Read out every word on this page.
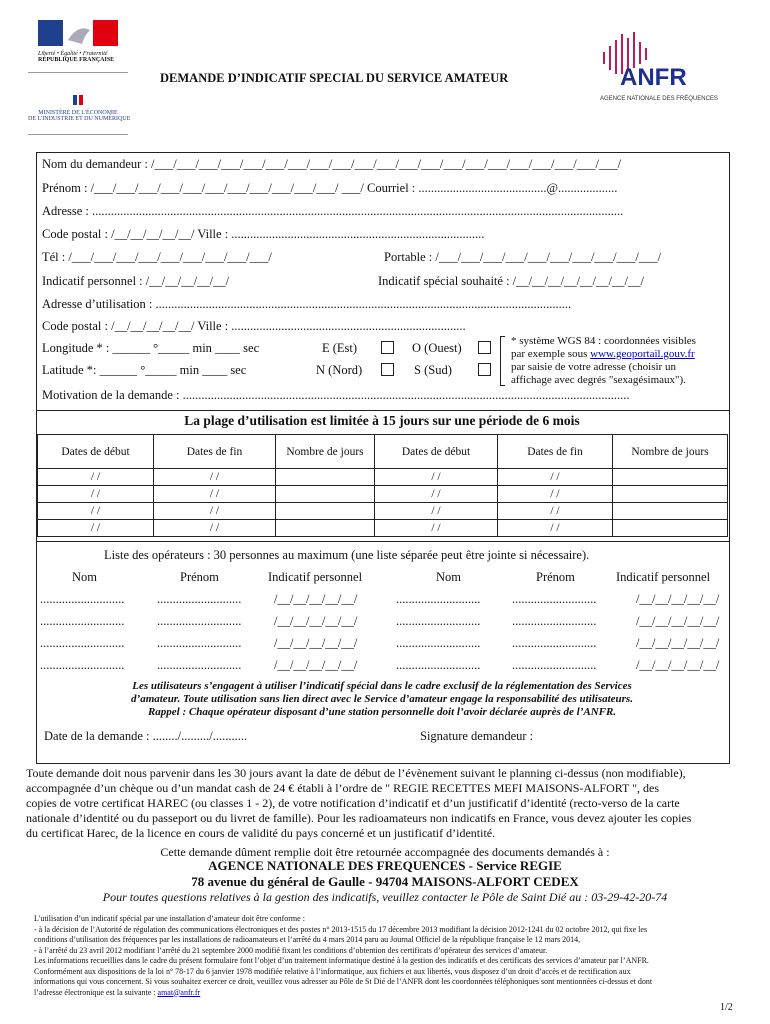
Liberté • Égalité • Fraternité
RÉPUBLIQUE FRANÇAISE
MINISTÈRE DE L'ÉCONOMIE
DE L'INDUSTRIE ET DU NUMÉRIQUE
DEMANDE D’INDICATIF SPECIAL DU SERVICE AMATEUR	ANFR
AGENCE NATIONALE DES FRÉQUENCES
Nom du demandeur : /___/___/___/___/___/___/___/___/___/___/___/___/___/___/___/___/___/___/___/___/___/
Prénom : /___/___/___/___/___/___/___/___/___/___/___/ ___/ Courriel : .........................................@...................
Adresse : ..........................................................................................................................................................................
Code postal : /__/__/__/__/__/ Ville : .................................................................................
Tél : /___/___/___/___/___/___/___/___/___/	Portable : /___/___/___/___/___/___/___/___/___/___/
Indicatif personnel : /__/__/__/__/__/	Indicatif spécial souhaité : /__/__/__/__/__/__/__/__/
Adresse d’utilisation : .....................................................................................................................................
Code postal : /__/__/__/__/__/ Ville : ...........................................................................
Longitude * : ______ °_____ min ____ sec
Latitude *: ______ °_____ min ____ sec
E (Est)	O (Ouest)
N (Nord)	S (Sud)
* système WGS 84 : coordonnées visibles
par exemple sous www.geoportail.gouv.fr
par saisie de votre adresse (choisir un
affichage avec degrés "sexagésimaux").
Motivation de la demande : ...............................................................................................................................................
La plage d’utilisation est limitée à 15 jours sur une période de 6 mois
Dates de début	Dates de fin	Nombre de jours	Dates de début	Dates de fin	Nombre de jours
/ /	/ /		/ /	/ /	
/ /	/ /		/ /	/ /	
/ /	/ /		/ /	/ /	
/ /	/ /		/ /	/ /	
Liste des opérateurs : 30 personnes au maximum (une liste séparée peut être jointe si nécessaire).
Nom	Prénom	Indicatif personnel	Nom	Prénom	Indicatif personnel
...........................	...........................	/__/__/__/__/__/	...........................	...........................	/__/__/__/__/__/
...........................	...........................	/__/__/__/__/__/	...........................	...........................	/__/__/__/__/__/
...........................	...........................	/__/__/__/__/__/	...........................	...........................	/__/__/__/__/__/
...........................	...........................	/__/__/__/__/__/	...........................	...........................	/__/__/__/__/__/
Les utilisateurs s’engagent à utiliser l’indicatif spécial dans le cadre exclusif de la réglementation des Services
d’amateur. Toute utilisation sans lien direct avec le Service d’amateur engage la responsabilité des utilisateurs.
Rappel : Chaque opérateur disposant d’une station personnelle doit l’avoir déclarée auprès de l’ANFR.
Date de la demande : ......../........./...........	Signature demandeur :
Toute demande doit nous parvenir dans les 30 jours avant la date de début de l’évènement suivant le planning ci-dessus (non modifiable),
accompagnée d’un chèque ou d’un mandat cash de 24 € établi à l’ordre de " REGIE RECETTES MEFI MAISONS-ALFORT ", des
copies de votre certificat HAREC (ou classes 1 - 2), de votre notification d’indicatif et d’un justificatif d’identité (recto-verso de la carte
nationale d’identité ou du passeport ou du livret de famille). Pour les radioamateurs non indicatifs en France, vous devez ajouter les copies
du certificat Harec, de la licence en cours de validité du pays concerné et un justificatif d’identité.
Cette demande dûment remplie doit être retournée accompagnée des documents demandés à :
AGENCE NATIONALE DES FREQUENCES - Service REGIE
78 avenue du général de Gaulle - 94704 MAISONS-ALFORT CEDEX
Pour toutes questions relatives à la gestion des indicatifs, veuillez contacter le Pôle de Saint Dié au : 03-29-42-20-74
L'utilisation d’un indicatif spécial par une installation d’amateur doit être conforme :
- à la décision de l’Autorité de régulation des communications électroniques et des postes n° 2013-1515 du 17 décembre 2013 modifiant la décision 2012-1241 du 02 octobre 2012, qui fixe les
conditions d’utilisation des fréquences par les installations de radioamateurs et l’arrêté du 4 mars 2014 paru au Journal Officiel de la république française le 12 mars 2014,
- à l’arrêté du 23 avril 2012 modifiant l’arrêté du 21 septembre 2000 modifié fixant les conditions d’obtention des certificats d’opérateur des services d’amateur.
Les informations recueillies dans le cadre du présent formulaire font l’objet d’un traitement informatique destiné à la gestion des indicatifs et des certificats des services d’amateur par l’ANFR.
Conformément aux dispositions de la loi n° 78-17 du 6 janvier 1978 modifiée relative à l’informatique, aux fichiers et aux libertés, vous disposez d’un droit d’accès et de rectification aux
informations qui vous concernent. Si vous souhaitez exercer ce droit, veuillez vous adresser au Pôle de St Dié de l’ANFR dont les coordonnées téléphoniques sont mentionnées ci-dessus et dont
l’adresse électronique est la suivante : amat@anfr.fr
1/2
